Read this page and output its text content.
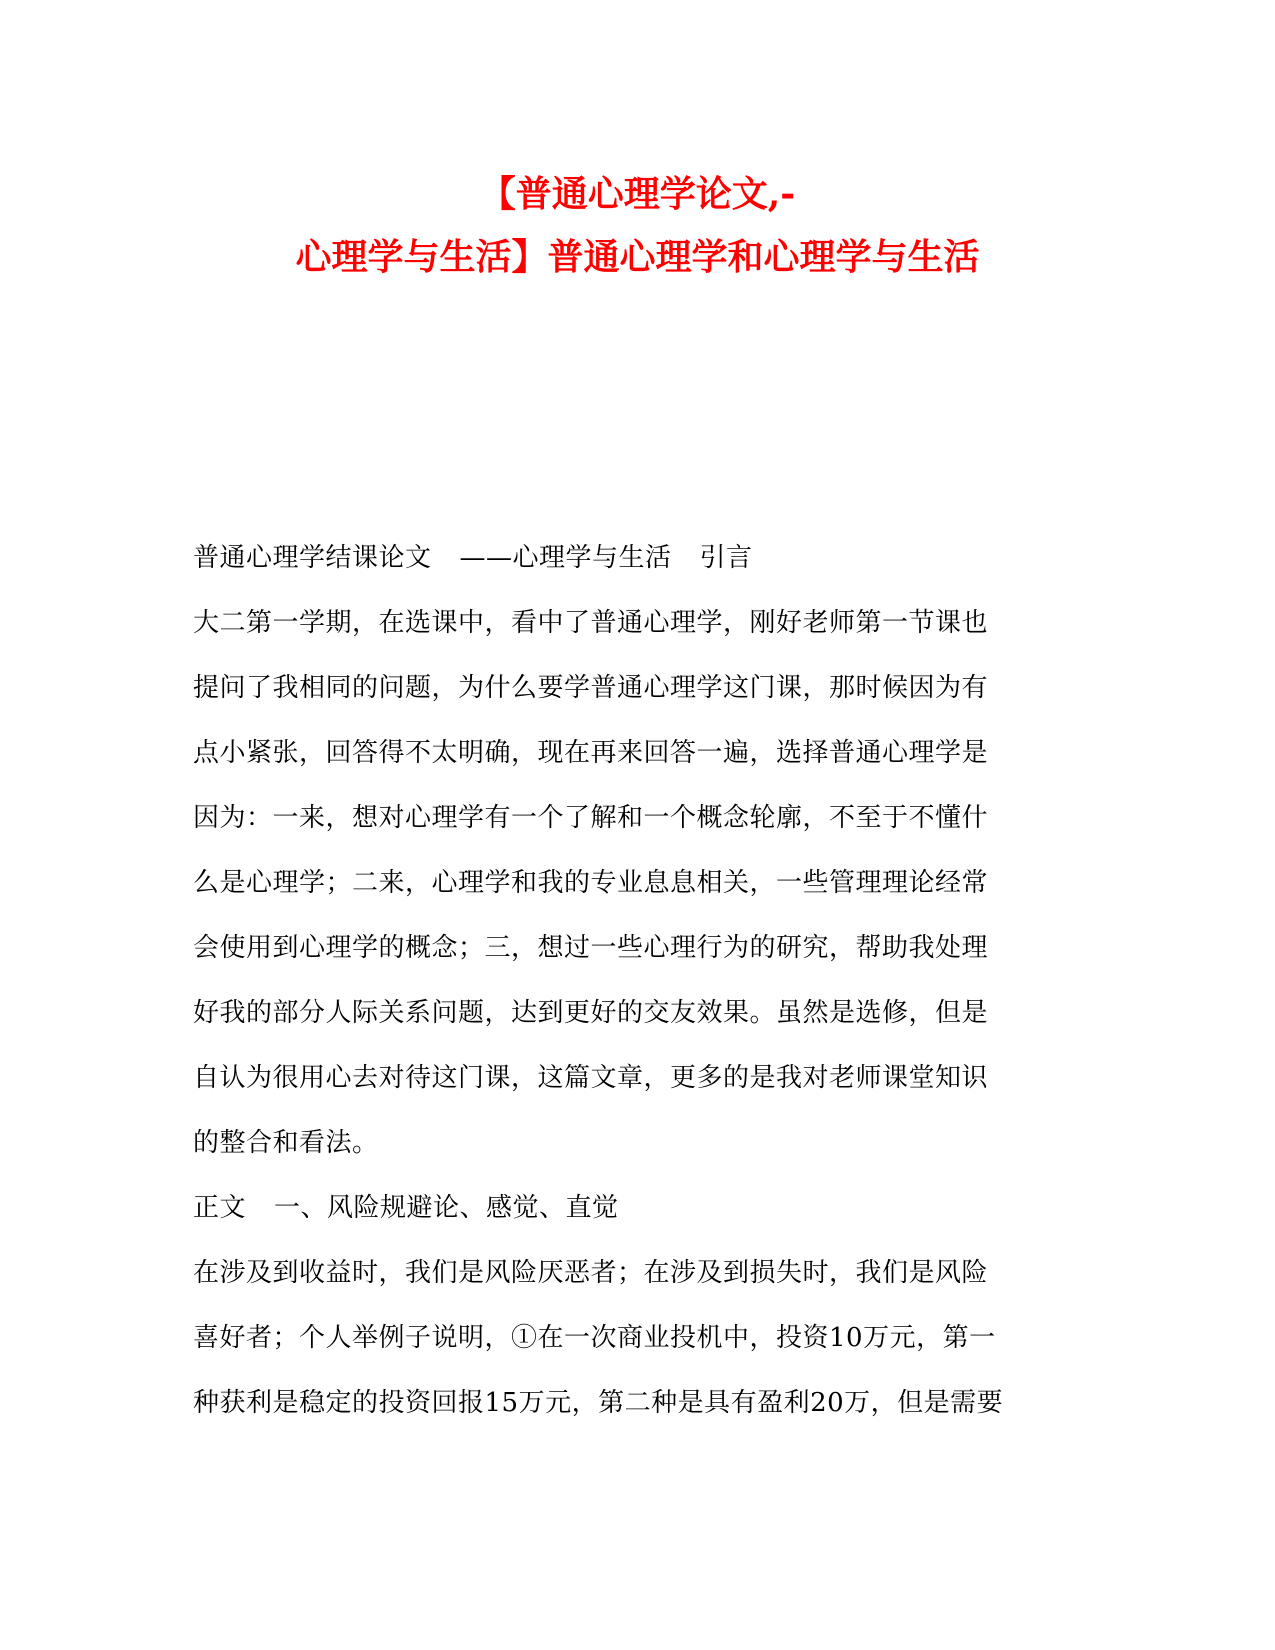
【普通心理学论文,-
心理学与生活】普通心理学和心理学与生活
普通心理学结课论文 ——心理学与生活 引言
大二第一学期，在选课中，看中了普通心理学，刚好老师第一节课也
提问了我相同的问题，为什么要学普通心理学这门课，那时候因为有
点小紧张，回答得不太明确，现在再来回答一遍，选择普通心理学是
因为：一来，想对心理学有一个了解和一个概念轮廓，不至于不懂什
么是心理学；二来，心理学和我的专业息息相关，一些管理理论经常
会使用到心理学的概念；三，想过一些心理行为的研究，帮助我处理
好我的部分人际关系问题，达到更好的交友效果。虽然是选修，但是
自认为很用心去对待这门课，这篇文章，更多的是我对老师课堂知识
的整合和看法。
正文 一、风险规避论、感觉、直觉
在涉及到收益时，我们是风险厌恶者；在涉及到损失时，我们是风险
喜好者；个人举例子说明，①在一次商业投机中，投资10万元，第一
种获利是稳定的投资回报15万元，第二种是具有盈利20万，但是需要
